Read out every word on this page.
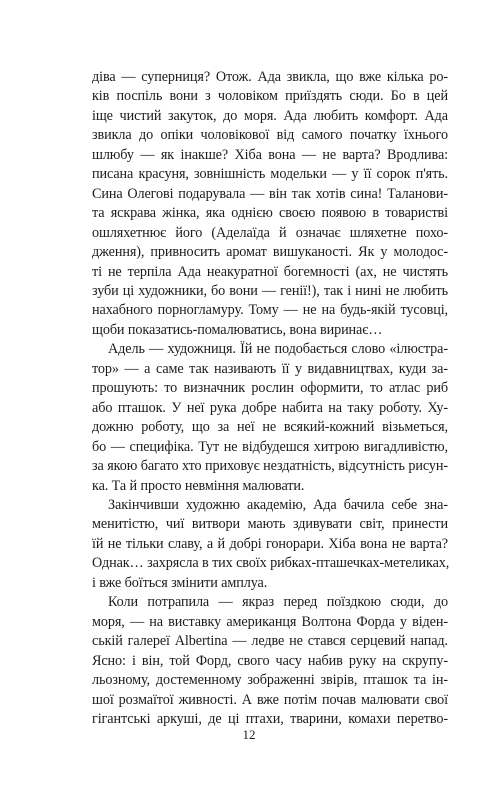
діва — суперниця? Отож. Ада звикла, що вже кілька ро-
ків поспіль вони з чоловіком приїздять сюди. Бо в цей
іще чистий закуток, до моря. Ада любить комфорт. Ада
звикла до опіки чоловікової від самого початку їхнього
шлюбу — як інакше? Хіба вона — не варта? Вродлива:
писана красуня, зовнішність модельки — у її сорок п'ять.
Сина Олегові подарувала — він так хотів сина! Таланови-
та яскрава жінка, яка однією своєю появою в товаристві
ошляхетнює його (Аделаїда й означає шляхетне похо-
дження), привносить аромат вишуканості. Як у молодос-
ті не терпіла Ада неакуратної богемності (ах, не чистять
зуби ці художники, бо вони — генії!), так і нині не любить
нахабного порногламуру. Тому — не на будь-якій тусовці,
щоби показатись-помалюватись, вона виринає…
Адель — художниця. Їй не подобається слово «ілюстра-
тор» — а саме так називають її у видавництвах, куди за-
прошують: то визначник рослин оформити, то атлас риб
або пташок. У неї рука добре набита на таку роботу. Ху-
дожню роботу, що за неї не всякий-кожний візьметься,
бо — специфіка. Тут не відбудешся хитрою вигадливістю,
за якою багато хто приховує нездатність, відсутність рисун-
ка. Та й просто невміння малювати.
Закінчивши художню академію, Ада бачила себе зна-
менитістю, чиї витвори мають здивувати світ, принести
їй не тільки славу, а й добрі гонорари. Хіба вона не варта?
Однак… захрясла в тих своїх рибках-пташечках-метеликах,
і вже боїться змінити амплуа.
Коли потрапила — якраз перед поїздкою сюди, до
моря, — на виставку американця Волтона Форда у віден-
ській галереї Albertina — ледве не стався серцевий напад.
Ясно: і він, той Форд, свого часу набив руку на скрупу-
льозному, достеменному зображенні звірів, пташок та ін-
шої розмаїтої живності. А вже потім почав малювати свої
гігантські аркуші, де ці птахи, тварини, комахи перетво-
12
